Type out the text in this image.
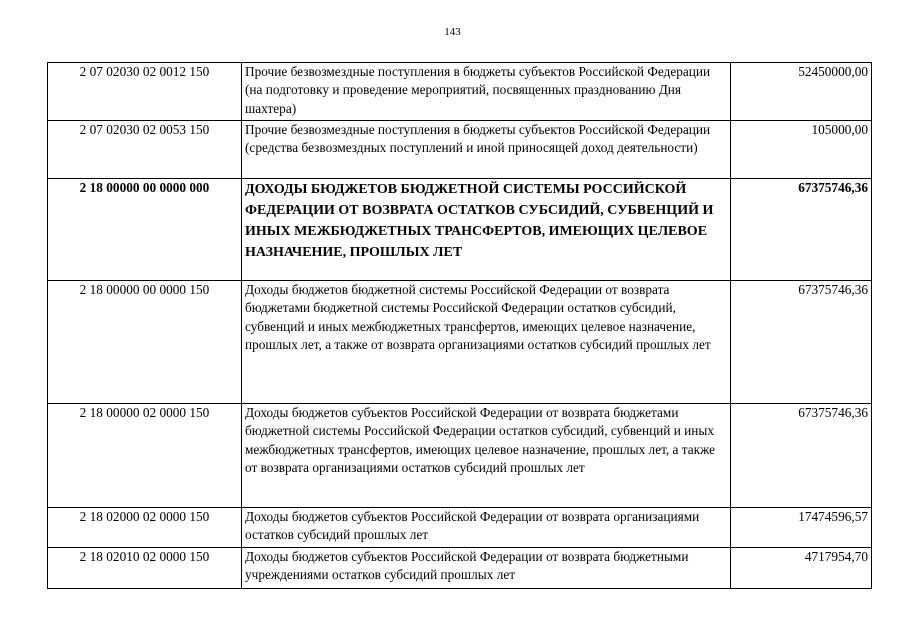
143
2 07 02030 02 0012 150	Прочие безвозмездные поступления в бюджеты субъектов Российской Федерации (на подготовку и проведение мероприятий, посвященных празднованию Дня шахтера)	52450000,00
2 07 02030 02 0053 150	Прочие безвозмездные поступления в бюджеты субъектов Российской Федерации (средства безвозмездных поступлений и иной приносящей доход деятельности)	105000,00
2 18 00000 00 0000 000	ДОХОДЫ БЮДЖЕТОВ БЮДЖЕТНОЙ СИСТЕМЫ РОССИЙСКОЙ ФЕДЕРАЦИИ ОТ ВОЗВРАТА ОСТАТКОВ СУБСИДИЙ, СУБВЕНЦИЙ И ИНЫХ МЕЖБЮДЖЕТНЫХ ТРАНСФЕРТОВ, ИМЕЮЩИХ ЦЕЛЕВОЕ НАЗНАЧЕНИЕ, ПРОШЛЫХ ЛЕТ	67375746,36
2 18 00000 00 0000 150	Доходы бюджетов бюджетной системы Российской Федерации от возврата бюджетами бюджетной системы Российской Федерации остатков субсидий, субвенций и иных межбюджетных трансфертов, имеющих целевое назначение, прошлых лет, а также от возврата организациями остатков субсидий прошлых лет	67375746,36
2 18 00000 02 0000 150	Доходы бюджетов субъектов Российской Федерации от возврата бюджетами бюджетной системы Российской Федерации остатков субсидий, субвенций и иных межбюджетных трансфертов, имеющих целевое назначение, прошлых лет, а также от возврата организациями остатков субсидий прошлых лет	67375746,36
2 18 02000 02 0000 150	Доходы бюджетов субъектов Российской Федерации от возврата организациями остатков субсидий прошлых лет	17474596,57
2 18 02010 02 0000 150	Доходы бюджетов субъектов Российской Федерации от возврата бюджетными учреждениями остатков субсидий прошлых лет	4717954,70
